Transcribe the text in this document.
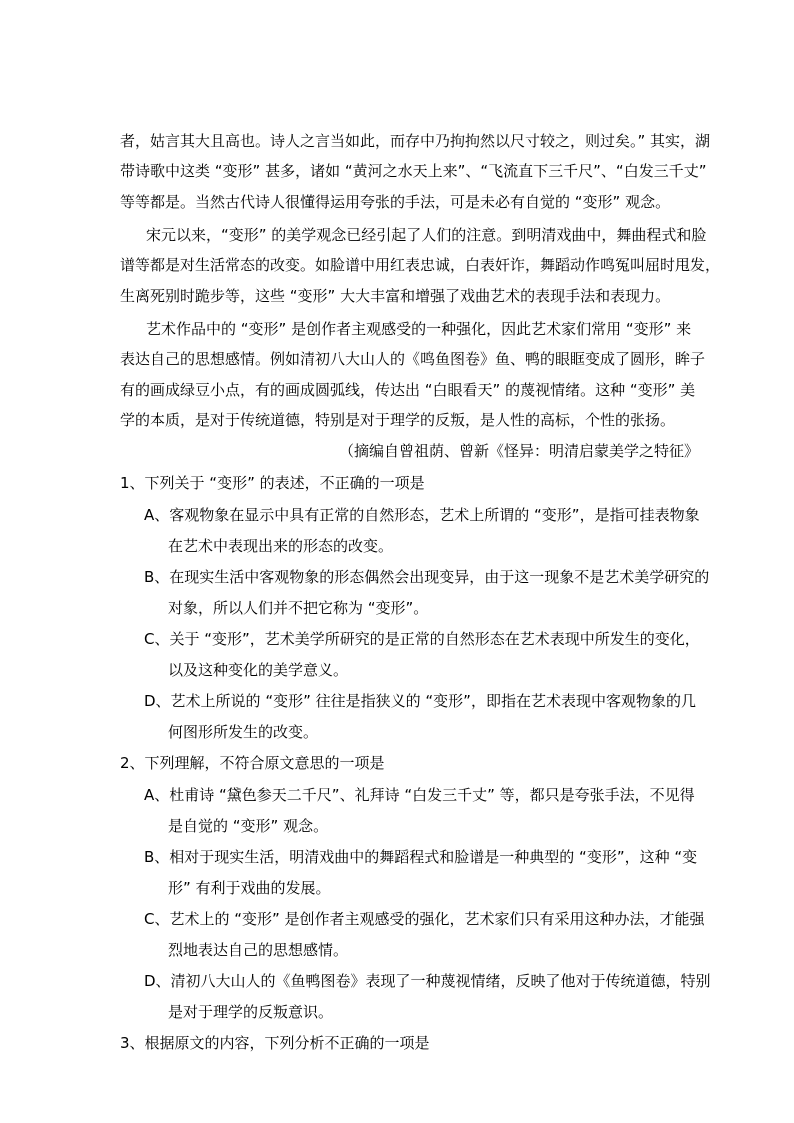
者，姑言其大且高也。诗人之言当如此，而存中乃拘拘然以尺寸较之，则过矣。” 其实，湖
带诗歌中这类 “变形” 甚多，诸如 “黄河之水天上来”、“飞流直下三千尺”、“白发三千丈”
等等都是。当然古代诗人很懂得运用夸张的手法，可是未必有自觉的 “变形” 观念。
宋元以来，“变形” 的美学观念已经引起了人们的注意。到明清戏曲中，舞曲程式和脸
谱等都是对生活常态的改变。如脸谱中用红表忠诚，白表奸诈，舞蹈动作鸣冤叫屈时甩发，
生离死别时跪步等，这些 “变形” 大大丰富和增强了戏曲艺术的表现手法和表现力。
艺术作品中的 “变形” 是创作者主观感受的一种强化，因此艺术家们常用 “变形” 来
表达自己的思想感情。例如清初八大山人的《鸣鱼图卷》鱼、鸭的眼眶变成了圆形，眸子
有的画成绿豆小点，有的画成圆弧线，传达出 “白眼看天” 的蔑视情绪。这种 “变形” 美
学的本质，是对于传统道德，特别是对于理学的反叛，是人性的高标，个性的张扬。
（摘编自曾祖荫、曾新《怪异：明清启蒙美学之特征》
1、下列关于 “变形” 的表述，不正确的一项是
A、客观物象在显示中具有正常的自然形态，艺术上所谓的 “变形”，是指可挂表物象
在艺术中表现出来的形态的改变。
B、在现实生活中客观物象的形态偶然会出现变异，由于这一现象不是艺术美学研究的
对象，所以人们并不把它称为 “变形”。
C、关于 “变形”，艺术美学所研究的是正常的自然形态在艺术表现中所发生的变化，
以及这种变化的美学意义。
D、艺术上所说的 “变形” 往往是指狭义的 “变形”，即指在艺术表现中客观物象的几
何图形所发生的改变。
2、下列理解，不符合原文意思的一项是
A、杜甫诗 “黛色参天二千尺”、礼拜诗 “白发三千丈” 等，都只是夸张手法，不见得
是自觉的 “变形” 观念。
B、相对于现实生活，明清戏曲中的舞蹈程式和脸谱是一种典型的 “变形”，这种 “变
形” 有利于戏曲的发展。
C、艺术上的 “变形” 是创作者主观感受的强化，艺术家们只有采用这种办法，才能强
烈地表达自己的思想感情。
D、清初八大山人的《鱼鸭图卷》表现了一种蔑视情绪，反映了他对于传统道德，特别
是对于理学的反叛意识。
3、根据原文的内容，下列分析不正确的一项是
